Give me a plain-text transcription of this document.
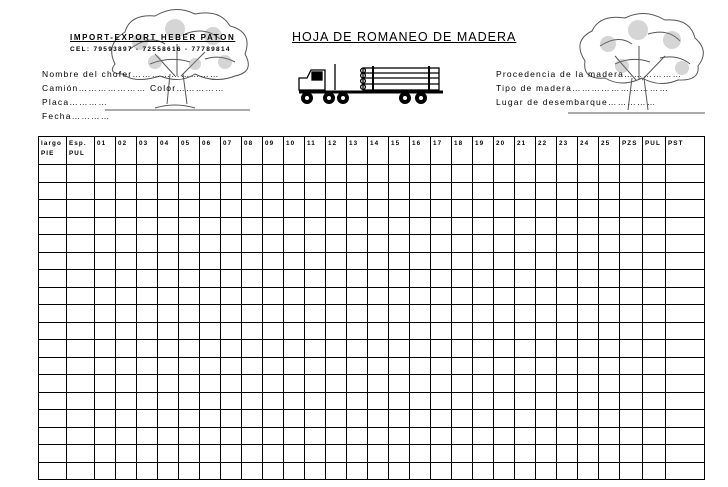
IMPORT-EXPORT HEBER PATON
CEL: 79593897 - 72558616 - 77789814
HOJA DE ROMANEO DE MADERA
Nombre del chofer………………………
Camión………………… Color……………
Placa…………
Fecha…………
Procedencia de la madera………………
Tipo de madera…………………………
Lugar de desembarque……………
largo PIE	Esp. PUL	01	02	03	04	05	06	07	08	09	10	11	12	13	14	15	16	17	18	19	20	21	22	23	24	25	PZS	PUL	PST
